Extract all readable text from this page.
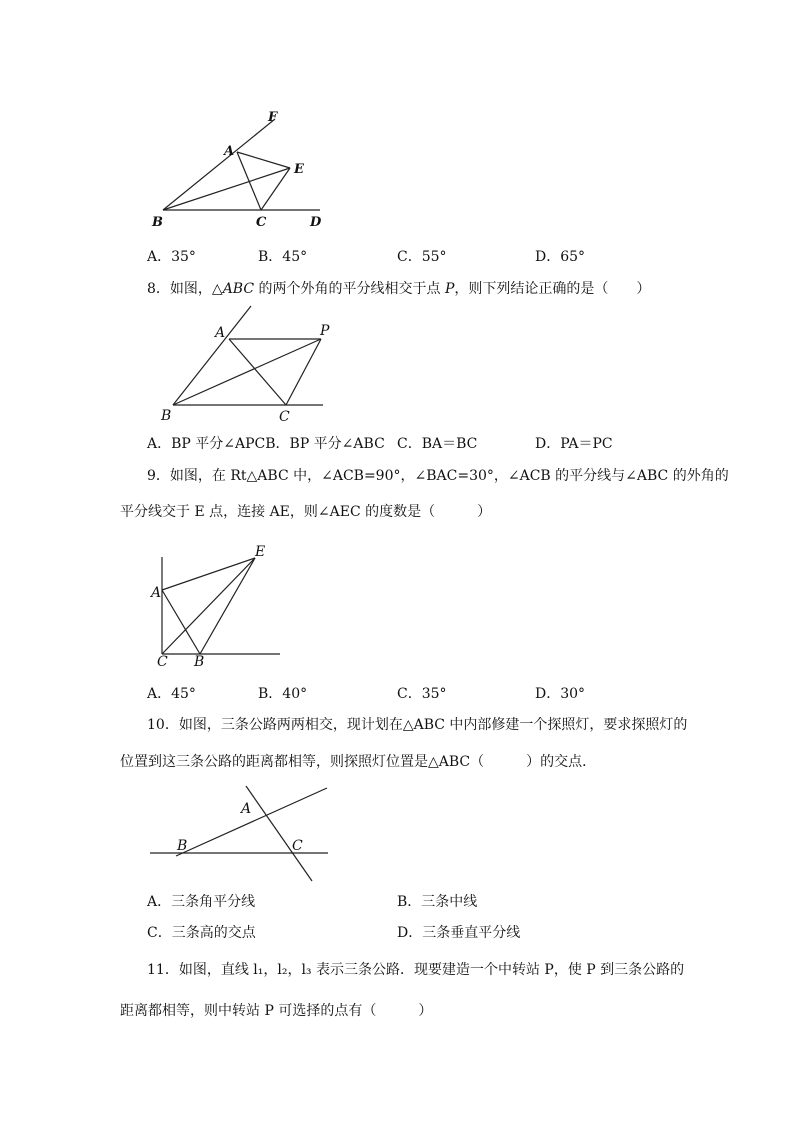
F
A
E
B	C	D
A．35°	B．45°	C．55°	D．65°
8．如图，△ABC 的两个外角的平分线相交于点 P，则下列结论正确的是（　　）
A	P
B	C
A．BP 平分∠APCB．BP 平分∠ABC C．BA＝BC	D．PA＝PC
9．如图，在 Rt△ABC 中，∠ACB=90°，∠BAC=30°，∠ACB 的平分线与∠ABC 的外角的
平分线交于 E 点，连接 AE，则∠AEC 的度数是（　　　）
E
A
C B
A．45°	B．40°	C．35°	D．30°
10．如图，三条公路两两相交，现计划在△ABC 中内部修建一个探照灯，要求探照灯的
位置到这三条公路的距离都相等，则探照灯位置是△ABC（　　　）的交点．
A
B	C
A．三条角平分线	B．三条中线
C．三条高的交点	D．三条垂直平分线
11．如图，直线 l₁，l₂，l₃ 表示三条公路．现要建造一个中转站 P，使 P 到三条公路的
距离都相等，则中转站 P 可选择的点有（　　　）
